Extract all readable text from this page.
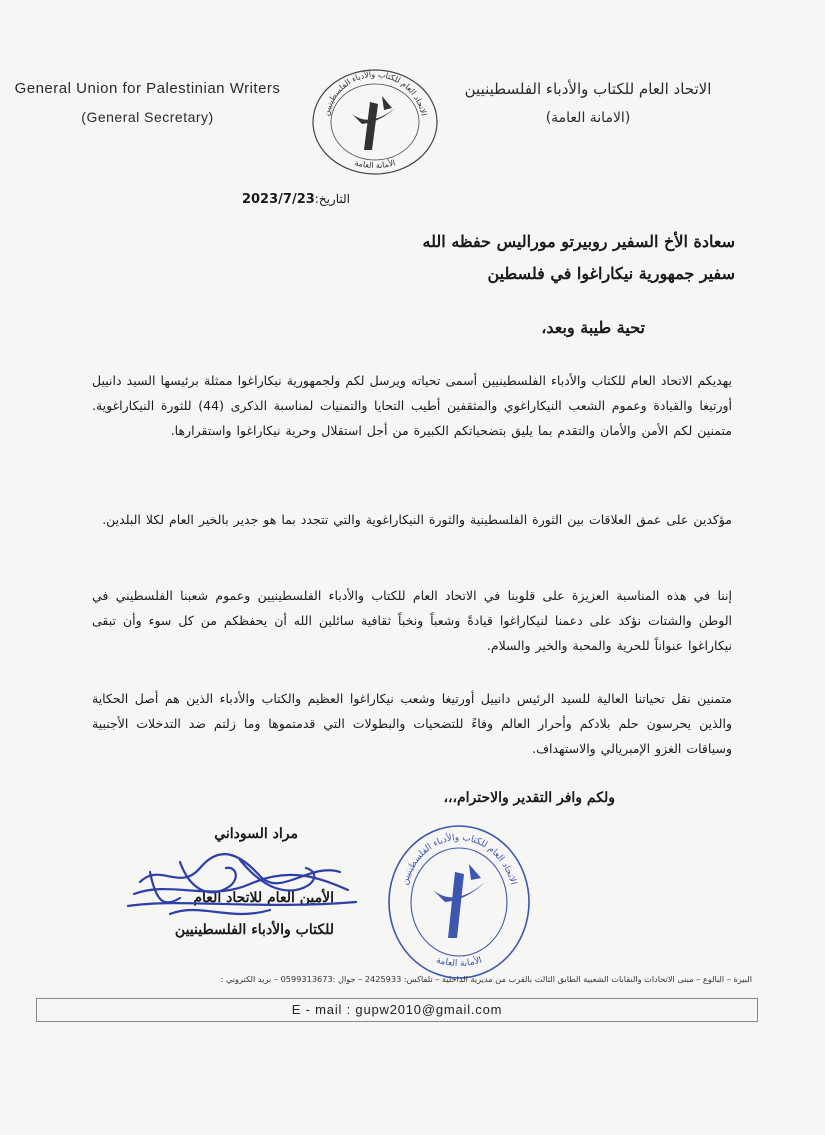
General Union for Palestinian Writers
(General Secretary)	الاتحاد العام للكتاب والأدباء الفلسطينيين
الأمانة العامة
الاتحاد العام للكتاب والأدباء الفلسطينيين
(الامانة العامة)
التاريخ:2023/7/23
سعادة الأخ السفير روبيرتو موراليس حفظه الله
سفير جمهورية نيكاراغوا في فلسطين
تحية طيبة وبعد،
يهديكم الاتحاد العام للكتاب والأدباء الفلسطينيين أسمى تحياته ويرسل لكم ولجمهورية نيكاراغوا ممثلة برئيسها السيد دانييل أورتيغا والقيادة وعموم الشعب النيكاراغوي والمثقفين أطيب التحايا والتمنيات لمناسبة الذكرى (44) للثورة النيكاراغوية. متمنين لكم الأمن والأمان والتقدم بما يليق بتضحياتكم الكبيرة من أجل استقلال وحرية نيكاراغوا واستقرارها.
مؤكدين على عمق العلاقات بين الثورة الفلسطينية والثورة النيكاراغوية والتي تتجدد بما هو جدير بالخير العام لكلا البلدين.
إننا في هذه المناسبة العزيزة على قلوبنا في الاتحاد العام للكتاب والأدباء الفلسطينيين وعموم شعبنا الفلسطيني في الوطن والشتات نؤكد على دعمنا لنيكاراغوا قيادةً وشعباً ونخباً ثقافية سائلين الله أن يحفظكم من كل سوء وأن تبقى نيكاراغوا عنواناً للحرية والمحبة والخير والسلام.
متمنين نقل تحياتنا العالية للسيد الرئيس دانييل أورتيغا وشعب نيكاراغوا العظيم والكتاب والأدباء الذين هم أصل الحكاية والذين يحرسون حلم بلادكم وأحرار العالم وفاءً للتضحيات والبطولات التي قدمتموها وما زلتم ضد التدخلات الأجنبية وسياقات الغزو الإمبريالي والاستهداف.
ولكم وافر التقدير والاحترام،،،
مراد السوداني
الأمين العام للاتحاد العام
للكتاب والأدباء الفلسطينيين
الاتحاد العام للكتاب والأدباء الفلسطينيين
الأمانة العامة
البيرة – البالوع – مبنى الاتحادات والنقابات الشعبية الطابق الثالث بالقرب من مديرية الداخلية – تلفاكس: 2425933 – جوال :0599313673 – بريد الكتروني :
E - mail : gupw2010@gmail.com
